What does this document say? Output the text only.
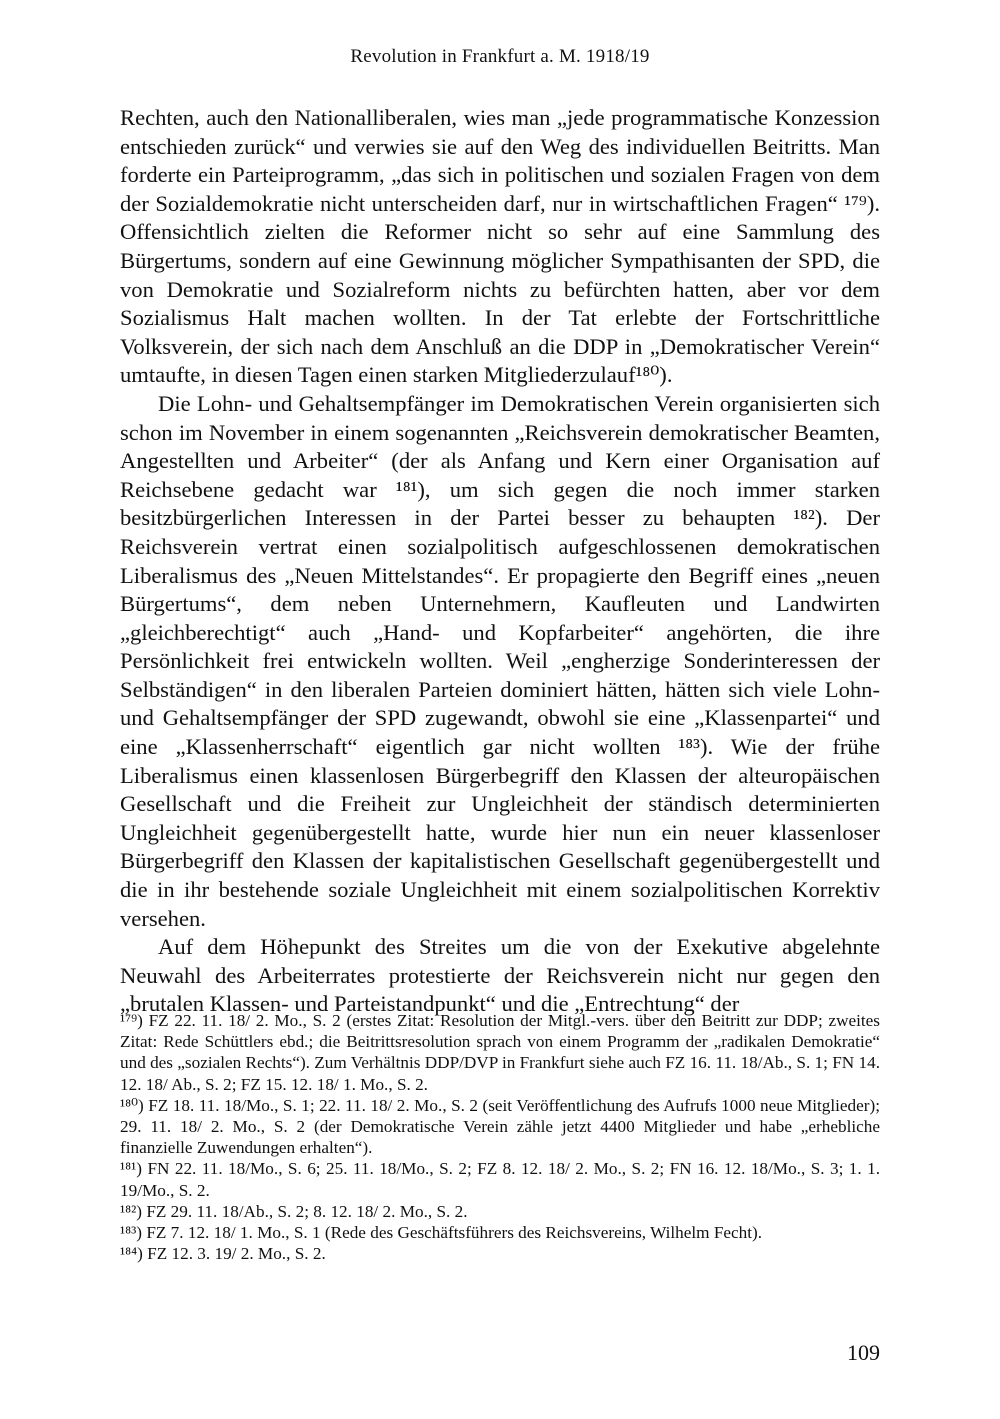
Revolution in Frankfurt a. M. 1918/19

Rechten, auch den Nationalliberalen, wies man „jede programmatische Konzession entschieden zurück“ und verwies sie auf den Weg des individuellen Beitritts. Man forderte ein Parteiprogramm, „das sich in politischen und sozialen Fragen von dem der Sozialdemokratie nicht unterscheiden darf, nur in wirtschaftlichen Fragen“ ¹⁷⁹). Offensichtlich zielten die Reformer nicht so sehr auf eine Sammlung des Bürgertums, sondern auf eine Gewinnung möglicher Sympathisanten der SPD, die von Demokratie und Sozialreform nichts zu befürchten hatten, aber vor dem Sozialismus Halt machen wollten. In der Tat erlebte der Fortschrittliche Volksverein, der sich nach dem Anschluß an die DDP in „Demokratischer Verein“ umtaufte, in diesen Tagen einen starken Mitgliederzulauf¹⁸⁰).

Die Lohn- und Gehaltsempfänger im Demokratischen Verein organisierten sich schon im November in einem sogenannten „Reichsverein demokratischer Beamten, Angestellten und Arbeiter“ (der als Anfang und Kern einer Organisation auf Reichsebene gedacht war ¹⁸¹), um sich gegen die noch immer starken besitzbürgerlichen Interessen in der Partei besser zu behaupten ¹⁸²). Der Reichsverein vertrat einen sozialpolitisch aufgeschlossenen demokratischen Liberalismus des „Neuen Mittelstandes“. Er propagierte den Begriff eines „neuen Bürgertums“, dem neben Unternehmern, Kaufleuten und Landwirten „gleichberechtigt“ auch „Hand- und Kopfarbeiter“ angehörten, die ihre Persönlichkeit frei entwickeln wollten. Weil „engherzige Sonderinteressen der Selbständigen“ in den liberalen Parteien dominiert hätten, hätten sich viele Lohn- und Gehaltsempfänger der SPD zugewandt, obwohl sie eine „Klassenpartei“ und eine „Klassenherrschaft“ eigentlich gar nicht wollten ¹⁸³). Wie der frühe Liberalismus einen klassenlosen Bürgerbegriff den Klassen der alteuropäischen Gesellschaft und die Freiheit zur Ungleichheit der ständisch determinierten Ungleichheit gegenübergestellt hatte, wurde hier nun ein neuer klassenloser Bürgerbegriff den Klassen der kapitalistischen Gesellschaft gegenübergestellt und die in ihr bestehende soziale Ungleichheit mit einem sozialpolitischen Korrektiv versehen.

Auf dem Höhepunkt des Streites um die von der Exekutive abgelehnte Neuwahl des Arbeiterrates protestierte der Reichsverein nicht nur gegen den „brutalen Klassen- und Parteistandpunkt“ und die „Entrechtung“ der

¹⁷⁹) FZ 22. 11. 18/ 2. Mo., S. 2 (erstes Zitat: Resolution der Mitgl.-vers. über den Beitritt zur DDP; zweites Zitat: Rede Schüttlers ebd.; die Beitrittsresolution sprach von einem Programm der „radikalen Demokratie“ und des „sozialen Rechts“). Zum Verhältnis DDP/DVP in Frankfurt siehe auch FZ 16. 11. 18/Ab., S. 1; FN 14. 12. 18/ Ab., S. 2; FZ 15. 12. 18/ 1. Mo., S. 2.

¹⁸⁰) FZ 18. 11. 18/Mo., S. 1; 22. 11. 18/ 2. Mo., S. 2 (seit Veröffentlichung des Aufrufs 1000 neue Mitglieder); 29. 11. 18/ 2. Mo., S. 2 (der Demokratische Verein zähle jetzt 4400 Mitglieder und habe „erhebliche finanzielle Zuwendungen erhalten“).

¹⁸¹) FN 22. 11. 18/Mo., S. 6; 25. 11. 18/Mo., S. 2; FZ 8. 12. 18/ 2. Mo., S. 2; FN 16. 12. 18/Mo., S. 3; 1. 1. 19/Mo., S. 2.

¹⁸²) FZ 29. 11. 18/Ab., S. 2; 8. 12. 18/ 2. Mo., S. 2.

¹⁸³) FZ 7. 12. 18/ 1. Mo., S. 1 (Rede des Geschäftsführers des Reichsvereins, Wilhelm Fecht).

¹⁸⁴) FZ 12. 3. 19/ 2. Mo., S. 2.

109
